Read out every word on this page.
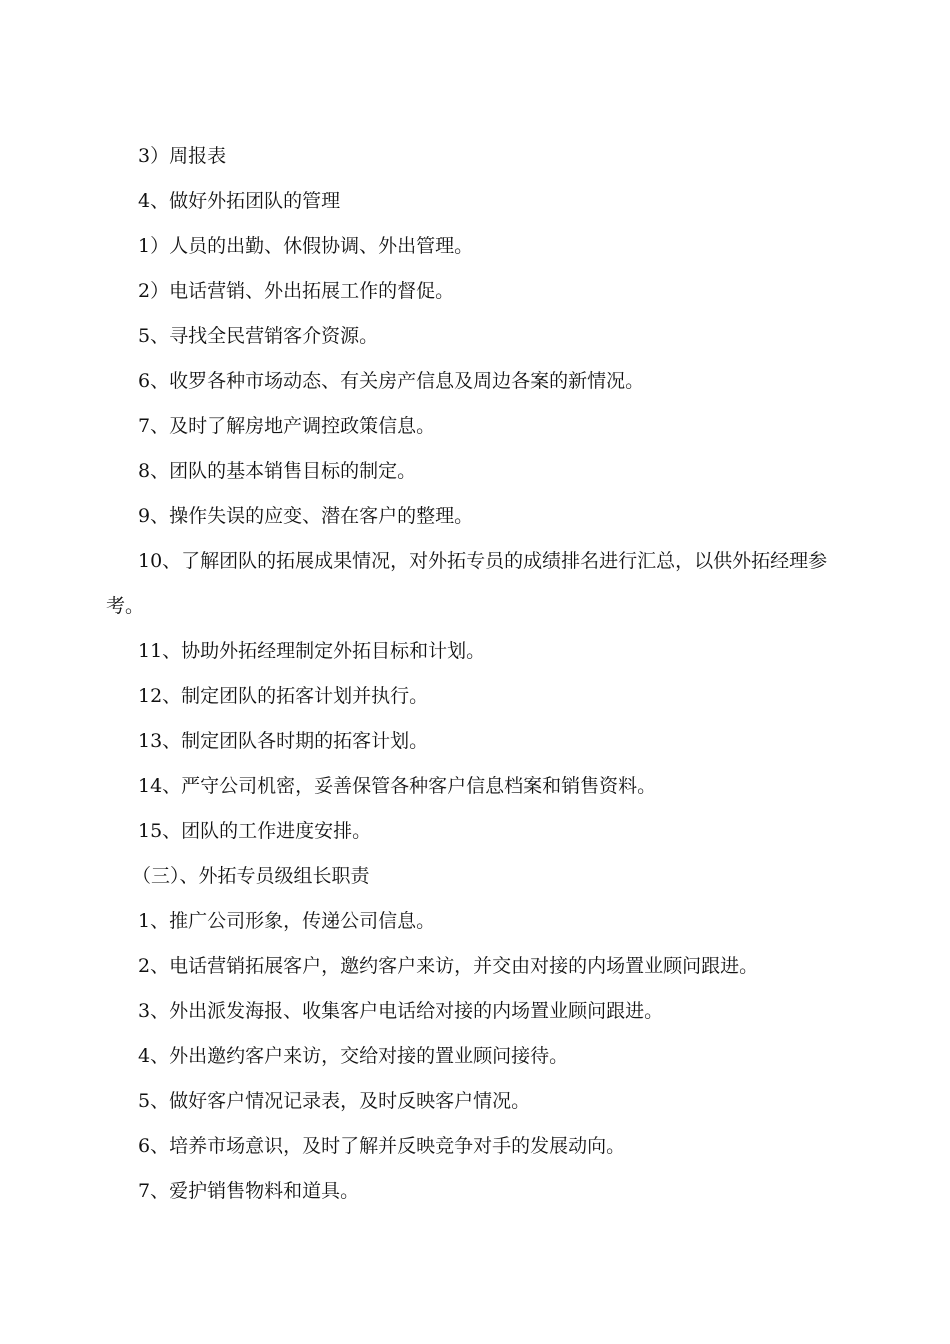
3）周报表

4、做好外拓团队的管理

1）人员的出勤、休假协调、外出管理。

2）电话营销、外出拓展工作的督促。

5、寻找全民营销客介资源。

6、收罗各种市场动态、有关房产信息及周边各案的新情况。

7、及时了解房地产调控政策信息。

8、团队的基本销售目标的制定。

9、操作失误的应变、潜在客户的整理。

10、了解团队的拓展成果情况，对外拓专员的成绩排名进行汇总，以供外拓经理参考。

11、协助外拓经理制定外拓目标和计划。

12、制定团队的拓客计划并执行。

13、制定团队各时期的拓客计划。

14、严守公司机密，妥善保管各种客户信息档案和销售资料。

15、团队的工作进度安排。

（三）、外拓专员级组长职责

1、推广公司形象，传递公司信息。

2、电话营销拓展客户，邀约客户来访，并交由对接的内场置业顾问跟进。

3、外出派发海报、收集客户电话给对接的内场置业顾问跟进。

4、外出邀约客户来访，交给对接的置业顾问接待。

5、做好客户情况记录表，及时反映客户情况。

6、培养市场意识，及时了解并反映竞争对手的发展动向。

7、爱护销售物料和道具。
